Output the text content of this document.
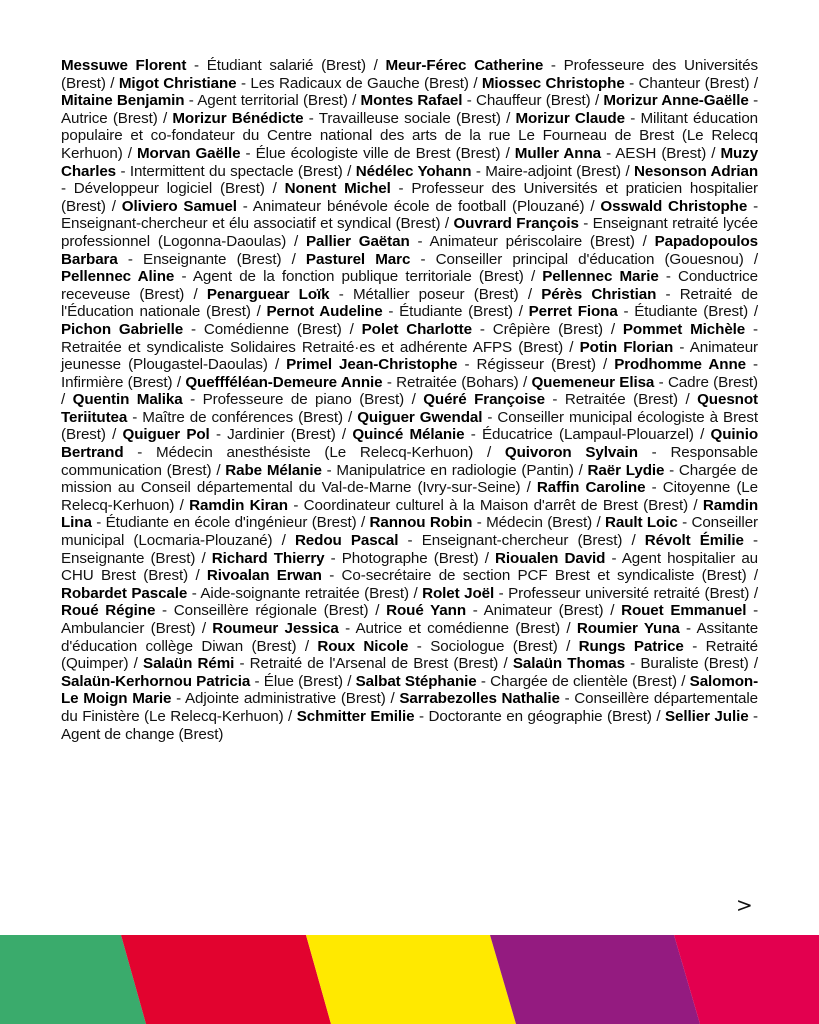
Messuwe Florent - Étudiant salarié (Brest) / Meur-Férec Catherine - Professeure des Universités (Brest) / Migot Christiane - Les Radicaux de Gauche (Brest) / Miossec Christophe - Chanteur (Brest) / Mitaine Benjamin - Agent territorial (Brest) / Montes Rafael - Chauffeur (Brest) / Morizur Anne-Gaëlle - Autrice (Brest) / Morizur Bénédicte - Travailleuse sociale (Brest) / Morizur Claude - Militant éducation populaire et co-fondateur du Centre national des arts de la rue Le Fourneau de Brest (Le Relecq Kerhuon) / Morvan Gaëlle - Élue écologiste ville de Brest (Brest) / Muller Anna - AESH (Brest) / Muzy Charles - Intermittent du spectacle (Brest) / Nédélec Yohann - Maire-adjoint (Brest) / Nesonson Adrian - Développeur logiciel (Brest) / Nonent Michel - Professeur des Universités et praticien hospitalier (Brest) / Oliviero Samuel - Animateur bénévole école de football (Plouzané) / Osswald Christophe - Enseignant-chercheur et élu associatif et syndical (Brest) / Ouvrard François - Enseignant retraité lycée professionnel (Logonna-Daoulas) / Pallier Gaëtan - Animateur périscolaire (Brest) / Papadopoulos Barbara - Enseignante (Brest) / Pasturel Marc - Conseiller principal d'éducation (Gouesnou) / Pellennec Aline - Agent de la fonction publique territoriale (Brest) / Pellennec Marie - Conductrice receveuse (Brest) / Penarguear Loïk - Métallier poseur (Brest) / Pérès Christian - Retraité de l'Éducation nationale (Brest) / Pernot Audeline - Étudiante (Brest) / Perret Fiona - Étudiante (Brest) / Pichon Gabrielle - Comédienne (Brest) / Polet Charlotte - Crêpière (Brest) / Pommet Michèle - Retraitée et syndicaliste Solidaires Retraité·es et adhérente AFPS (Brest) / Potin Florian - Animateur jeunesse (Plougastel-Daoulas) / Primel Jean-Christophe - Régisseur (Brest) / Prodhomme Anne - Infirmière (Brest) / Queffféléan-Demeure Annie - Retraitée (Bohars) / Quemeneur Elisa - Cadre (Brest) / Quentin Malika - Professeure de piano (Brest) / Quéré Françoise - Retraitée (Brest) / Quesnot Teriitutea - Maître de conférences (Brest) / Quiguer Gwendal - Conseiller municipal écologiste à Brest (Brest) / Quiguer Pol - Jardinier (Brest) / Quincé Mélanie - Éducatrice (Lampaul-Plouarzel) / Quinio Bertrand - Médecin anesthésiste (Le Relecq-Kerhuon) / Quivoron Sylvain - Responsable communication (Brest) / Rabe Mélanie - Manipulatrice en radiologie (Pantin) / Raër Lydie - Chargée de mission au Conseil départemental du Val-de-Marne (Ivry-sur-Seine) / Raffin Caroline - Citoyenne (Le Relecq-Kerhuon) / Ramdin Kiran - Coordinateur culturel à la Maison d'arrêt de Brest (Brest) / Ramdin Lina - Étudiante en école d'ingénieur (Brest) / Rannou Robin - Médecin (Brest) / Rault Loic - Conseiller municipal (Locmaria-Plouzané) / Redou Pascal - Enseignant-chercheur (Brest) / Révolt Émilie - Enseignante (Brest) / Richard Thierry - Photographe (Brest) / Rioualen David - Agent hospitalier au CHU Brest (Brest) / Rivoalan Erwan - Co-secrétaire de section PCF Brest et syndicaliste (Brest) / Robardet Pascale - Aide-soignante retraitée (Brest) / Rolet Joël - Professeur université retraité (Brest) / Roué Régine - Conseillère régionale (Brest) / Roué Yann - Animateur (Brest) / Rouet Emmanuel - Ambulancier (Brest) / Roumeur Jessica - Autrice et comédienne (Brest) / Roumier Yuna - Assitante d'éducation collège Diwan (Brest) / Roux Nicole - Sociologue (Brest) / Rungs Patrice - Retraité (Quimper) / Salaün Rémi - Retraité de l'Arsenal de Brest (Brest) / Salaün Thomas - Buraliste (Brest) / Salaün-Kerhornou Patricia - Élue (Brest) / Salbat Stéphanie - Chargée de clientèle (Brest) / Salomon-Le Moign Marie - Adjointe administrative (Brest) / Sarrabezolles Nathalie - Conseillère départementale du Finistère (Le Relecq-Kerhuon) / Schmitter Emilie - Doctorante en géographie (Brest) / Sellier Julie - Agent de change (Brest)

>
